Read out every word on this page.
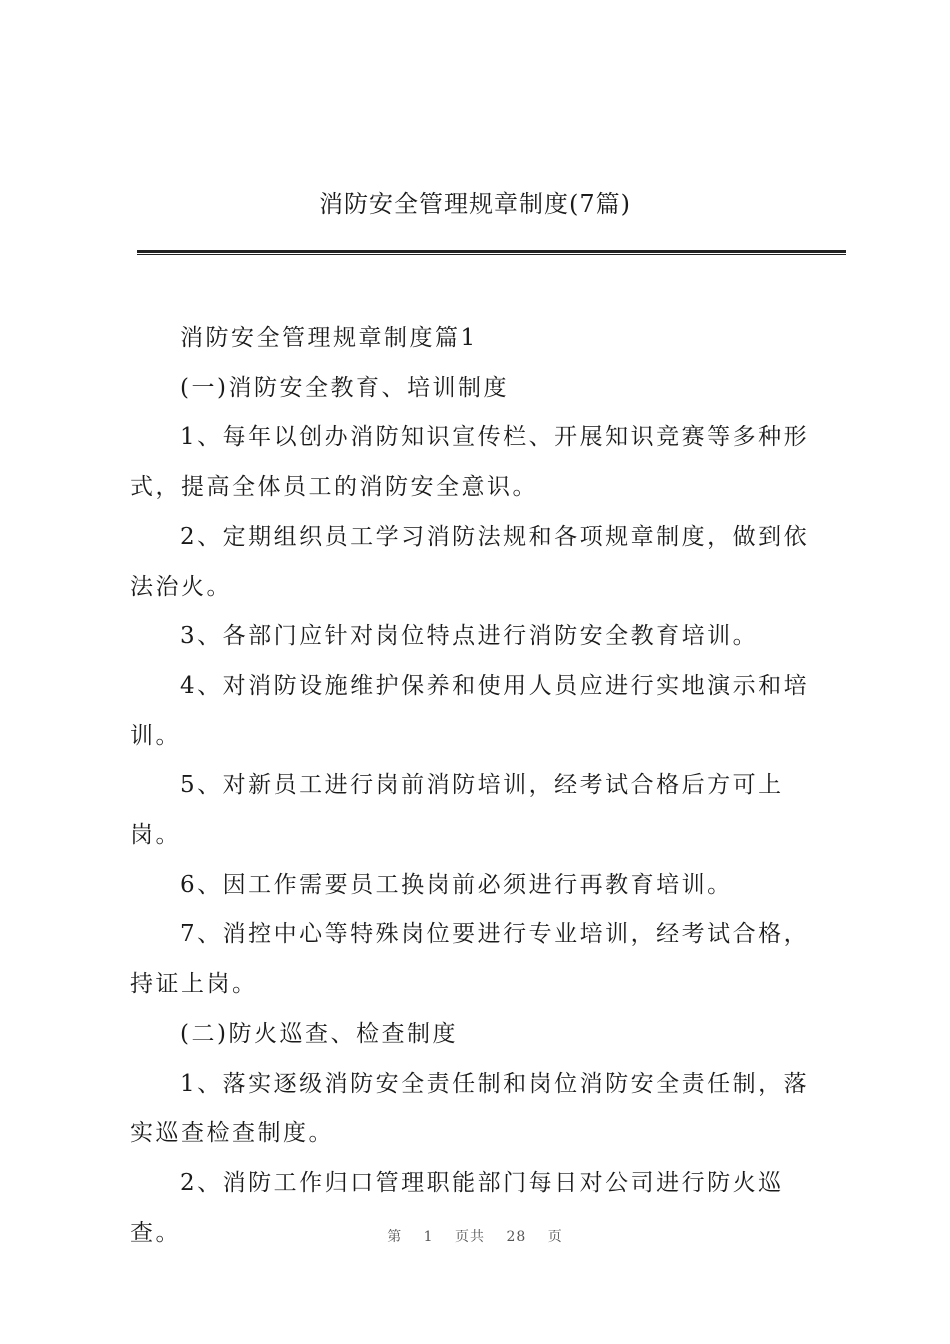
消防安全管理规章制度(7篇)

消防安全管理规章制度篇1

(一)消防安全教育、培训制度

1、每年以创办消防知识宣传栏、开展知识竞赛等多种形式，提高全体员工的消防安全意识。

2、定期组织员工学习消防法规和各项规章制度，做到依法治火。

3、各部门应针对岗位特点进行消防安全教育培训。

4、对消防设施维护保养和使用人员应进行实地演示和培训。

5、对新员工进行岗前消防培训，经考试合格后方可上岗。

6、因工作需要员工换岗前必须进行再教育培训。

7、消控中心等特殊岗位要进行专业培训，经考试合格，持证上岗。

(二)防火巡查、检查制度

1、落实逐级消防安全责任制和岗位消防安全责任制，落实巡查检查制度。

2、消防工作归口管理职能部门每日对公司进行防火巡查。	第 1 页共 28 页
